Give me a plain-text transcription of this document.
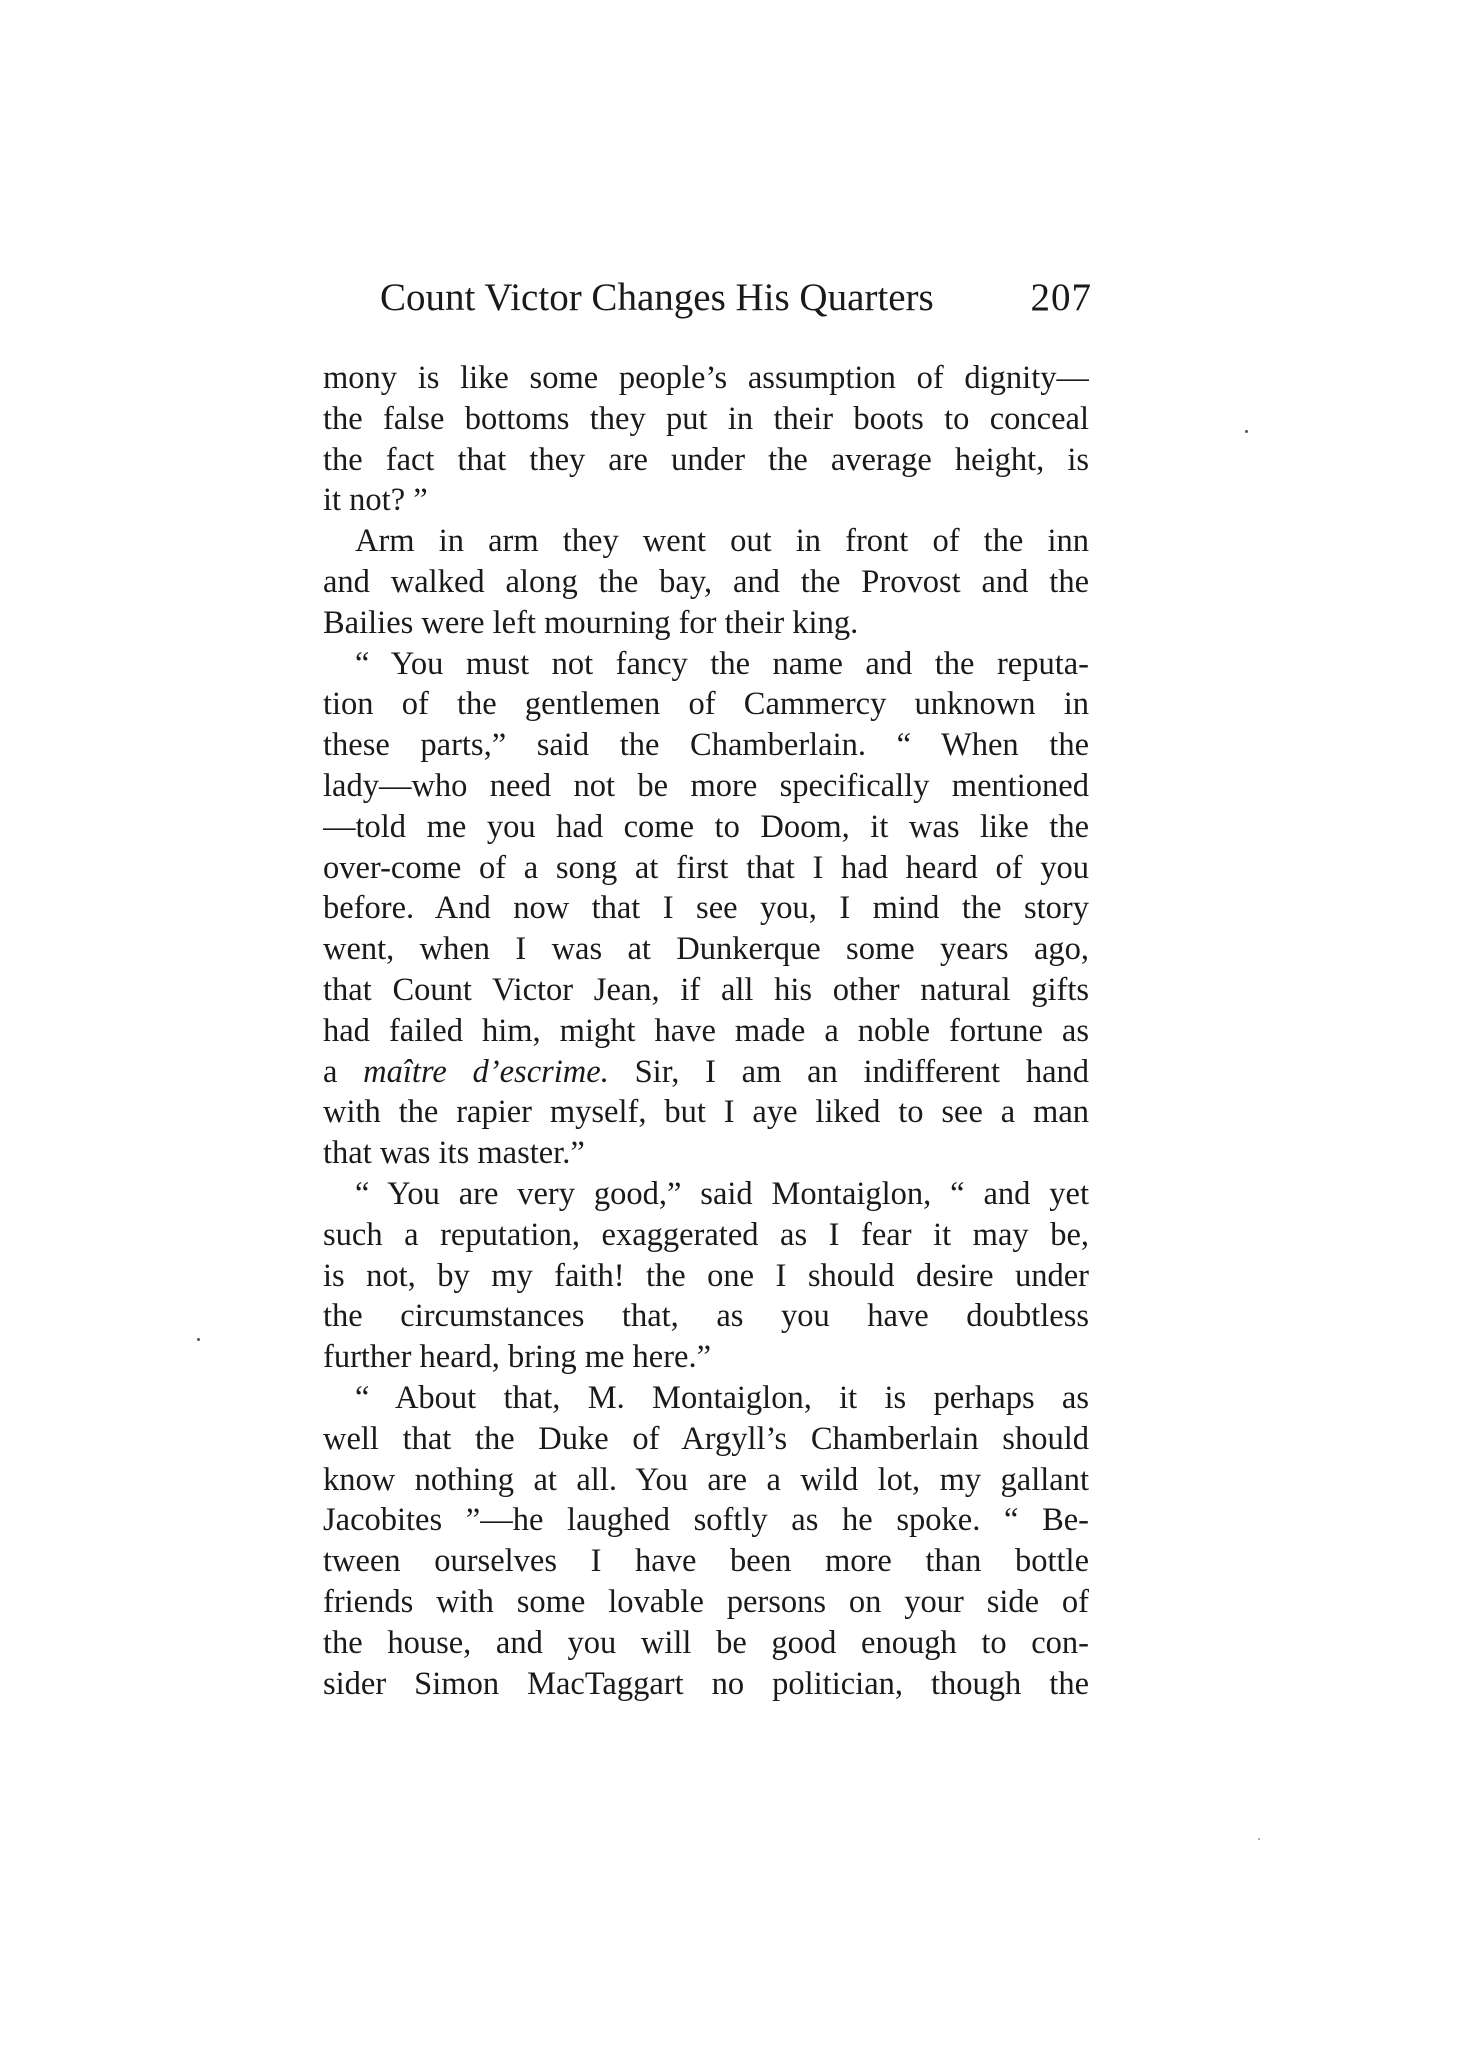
Count Victor Changes His Quarters 207
mony is like some people’s assumption of dignity—
the false bottoms they put in their boots to conceal
the fact that they are under the average height, is
it not? ”
Arm in arm they went out in front of the inn
and walked along the bay, and the Provost and the
Bailies were left mourning for their king.
“ You must not fancy the name and the reputa-
tion of the gentlemen of Cammercy unknown in
these parts,” said the Chamberlain. “ When the
lady—who need not be more specifically mentioned
—told me you had come to Doom, it was like the
over-come of a song at first that I had heard of you
before. And now that I see you, I mind the story
went, when I was at Dunkerque some years ago,
that Count Victor Jean, if all his other natural gifts
had failed him, might have made a noble fortune as
a maître d’escrime. Sir, I am an indifferent hand
with the rapier myself, but I aye liked to see a man
that was its master.”
“ You are very good,” said Montaiglon, “ and yet
such a reputation, exaggerated as I fear it may be,
is not, by my faith! the one I should desire under
the circumstances that, as you have doubtless
further heard, bring me here.”
“ About that, M. Montaiglon, it is perhaps as
well that the Duke of Argyll’s Chamberlain should
know nothing at all. You are a wild lot, my gallant
Jacobites ”—he laughed softly as he spoke. “ Be-
tween ourselves I have been more than bottle
friends with some lovable persons on your side of
the house, and you will be good enough to con-
sider Simon MacTaggart no politician, though the
